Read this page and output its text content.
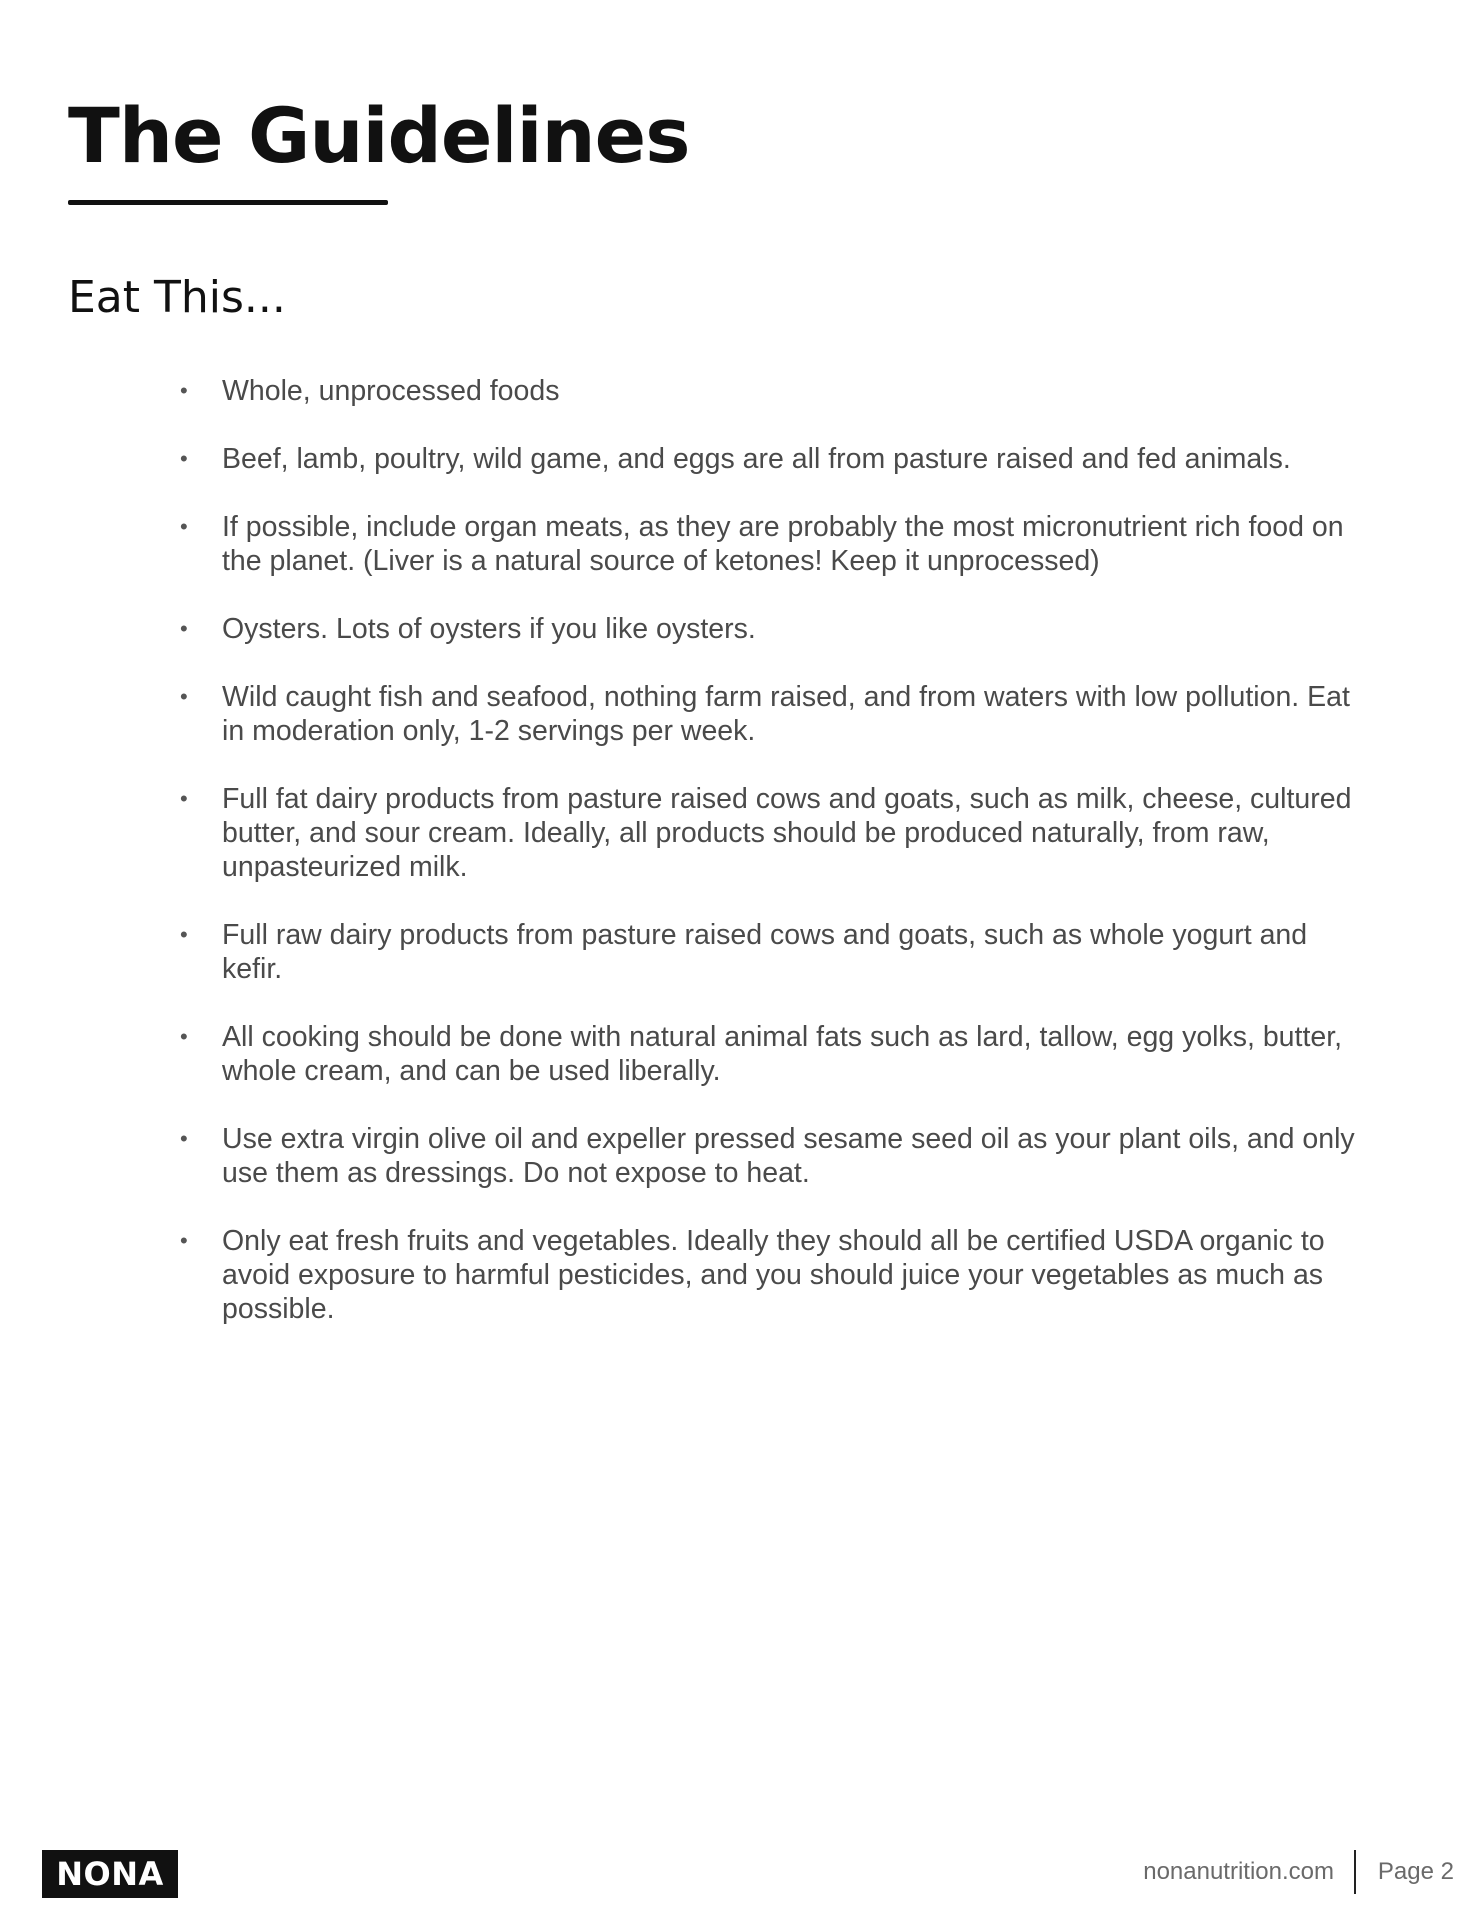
The Guidelines
Eat This...
•	Whole, unprocessed foods
•	Beef, lamb, poultry, wild game, and eggs are all from pasture raised and fed animals.
•	If possible, include organ meats, as they are probably the most micronutrient rich food on the planet. (Liver is a natural source of ketones! Keep it unprocessed)
•	Oysters. Lots of oysters if you like oysters.
•	Wild caught fish and seafood, nothing farm raised, and from waters with low pollution. Eat in moderation only, 1-2 servings per week.
•	Full fat dairy products from pasture raised cows and goats, such as milk, cheese, cultured butter, and sour cream. Ideally, all products should be produced naturally, from raw, unpasteurized milk.
•	Full raw dairy products from pasture raised cows and goats, such as whole yogurt and kefir.
•	All cooking should be done with natural animal fats such as lard, tallow, egg yolks, butter, whole cream, and can be used liberally.
•	Use extra virgin olive oil and expeller pressed sesame seed oil as your plant oils, and only use them as dressings. Do not expose to heat.
•	Only eat fresh fruits and vegetables. Ideally they should all be certified USDA organic to avoid exposure to harmful pesticides, and you should juice your vegetables as much as possible.
NONA	nonanutrition.com Page 2
